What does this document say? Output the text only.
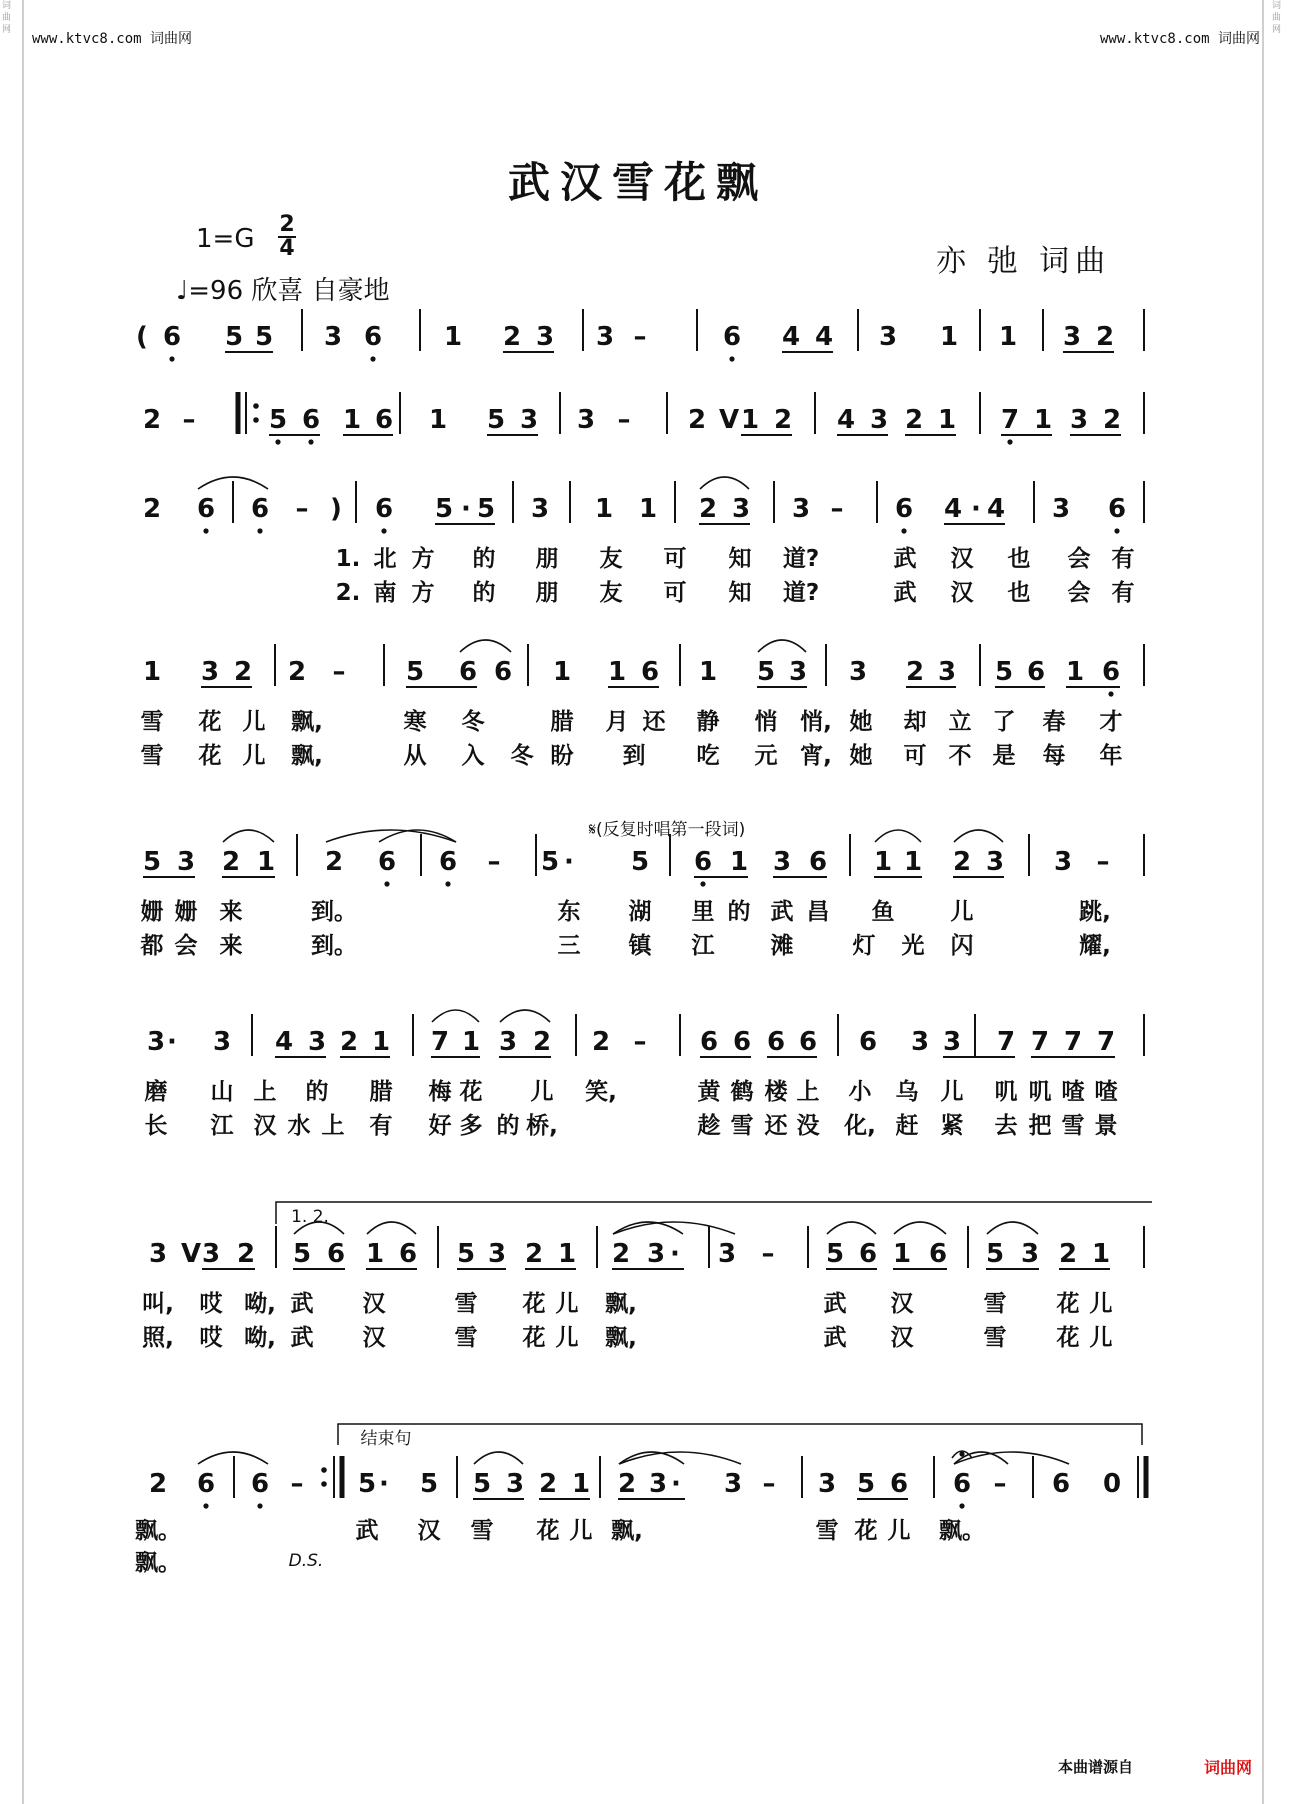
词曲网
词曲网
www.ktvc8.com 词曲网	www.ktvc8.com 词曲网
武汉雪花飘
1=G 2
4
♩=96 欣喜 自豪地
亦 弛 词曲
( 6 5 5 3 6 1 2 3 3 –	6 4 4 3 1 1 3 2
2 –	5 6 1 6 1 5 3 3 – 2 V 1 2 4 3 2 1 7 1 3 2
2 6 6 – ) 6 5 · 5 3 1 1 2 3 3 – 6 4 · 4 3 6
1. 北 方 的 朋 友 可 知 道?	武 汉 也 会 有
2. 南 方 的 朋 友 可 知 道?	武 汉 也 会 有
1 3 2 2 – 5 6 6 1 1 6 1 5 3 3 2 3 5 6 1 6
雪 花 儿 飘,	寒 冬	腊 月 还 静 悄 悄, 她 却 立 了 春 才
雪 花 儿 飘,	从 入 冬 盼 到 吃 元 宵, 她 可 不 是 每 年
𝄋(反复时唱第一段词)
5 3 2 1 2 6 6 – 5 · 5 6 1 3 6 1 1 2 3 3 –
姗 姗 来	到。	东 湖 里 的 武 昌 鱼 儿	跳,
都 会 来	到。	三 镇 江 滩	灯 光 闪	耀,
3 · 3 4 3 2 1 7 1 3 2 2 – 6 6 6 6 6 3 3 7 7 7 7
磨 山 上 的 腊 梅 花 儿 笑,	黄 鹤 楼 上 小 乌 儿 叽 叽 喳 喳
长 江 汉 水 上 有 好 多 的 桥,	趁 雪 还 没 化, 赶 紧 去 把 雪 景
1. 2.
3 V 3 2 5 6 1 6 5 3 2 1 2 3 · 3 – 5 6 1 6 5 3 2 1
叫, 哎 呦, 武 汉	雪 花 儿 飘,	武 汉	雪 花 儿
照, 哎 呦, 武 汉	雪 花 儿 飘,	武 汉	雪 花 儿
结束句
2 6 6 – 5 · 5 5 3 2 1 2 3 · 3 – 3 5 6 6 – 6 0
飘。	武 汉 雪 花 儿 飘,	雪 花 儿 飘。
飘。	D.S.
本曲谱源自	词曲网
